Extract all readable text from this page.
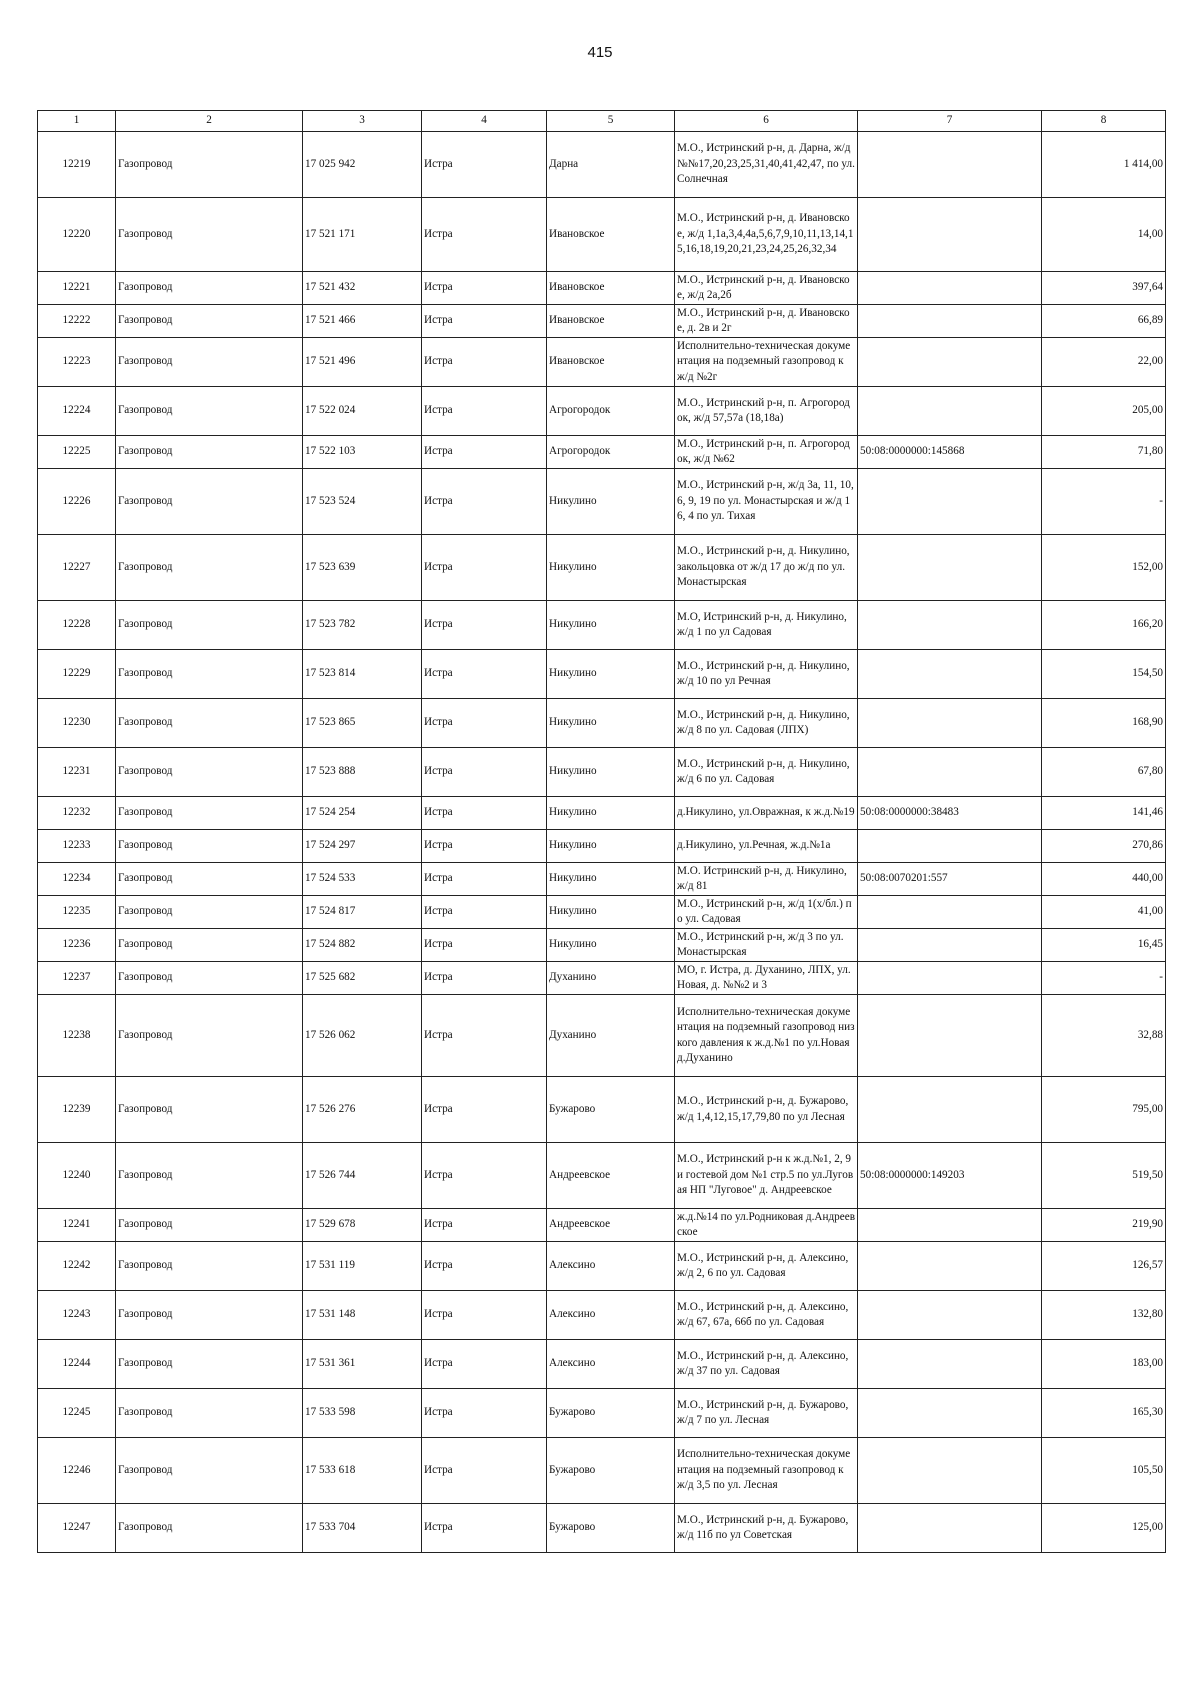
415
1	2	3	4	5	6	7	8
12219	Газопровод	17 025 942	Истра	Дарна	М.О., Истринский р-н, д. Дарна, ж/д №№17,20,23,25,31,40,41,42,47, по ул. Солнечная		1 414,00
12220	Газопровод	17 521 171	Истра	Ивановское	М.О., Истринский р-н, д. Ивановское, ж/д 1,1а,3,4,4а,5,6,7,9,10,11,13,14,15,16,18,19,20,21,23,24,25,26,32,34		14,00
12221	Газопровод	17 521 432	Истра	Ивановское	М.О., Истринский р-н, д. Ивановское, ж/д 2а,2б		397,64
12222	Газопровод	17 521 466	Истра	Ивановское	М.О., Истринский р-н, д. Ивановское, д. 2в и 2г		66,89
12223	Газопровод	17 521 496	Истра	Ивановское	Исполнительно-техническая документация на подземный газопровод к ж/д №2г		22,00
12224	Газопровод	17 522 024	Истра	Агрогородок	М.О., Истринский р-н, п. Агрогородок, ж/д 57,57а (18,18а)		205,00
12225	Газопровод	17 522 103	Истра	Агрогородок	М.О., Истринский р-н, п. Агрогородок, ж/д №62	50:08:0000000:145868	71,80
12226	Газопровод	17 523 524	Истра	Никулино	М.О., Истринский р-н, ж/д 3а, 11, 10, 6, 9, 19 по ул. Монастырская и ж/д 16, 4 по ул. Тихая		-
12227	Газопровод	17 523 639	Истра	Никулино	М.О., Истринский р-н, д. Никулино, закольцовка от ж/д 17 до ж/д по ул. Монастырская		152,00
12228	Газопровод	17 523 782	Истра	Никулино	М.О, Истринский р-н, д. Никулино, ж/д 1 по ул Садовая		166,20
12229	Газопровод	17 523 814	Истра	Никулино	М.О., Истринский р-н, д. Никулино, ж/д 10 по ул Речная		154,50
12230	Газопровод	17 523 865	Истра	Никулино	М.О., Истринский р-н, д. Никулино, ж/д 8 по ул. Садовая (ЛПХ)		168,90
12231	Газопровод	17 523 888	Истра	Никулино	М.О., Истринский р-н, д. Никулино, ж/д 6 по ул. Садовая		67,80
12232	Газопровод	17 524 254	Истра	Никулино	д.Никулино, ул.Овражная, к ж.д.№19	50:08:0000000:38483	141,46
12233	Газопровод	17 524 297	Истра	Никулино	д.Никулино, ул.Речная, ж.д.№1а		270,86
12234	Газопровод	17 524 533	Истра	Никулино	М.О. Истринский р-н, д. Никулино, ж/д 81	50:08:0070201:557	440,00
12235	Газопровод	17 524 817	Истра	Никулино	М.О., Истринский р-н, ж/д 1(х/бл.) по ул. Садовая		41,00
12236	Газопровод	17 524 882	Истра	Никулино	М.О., Истринский р-н, ж/д 3 по ул. Монастырская		16,45
12237	Газопровод	17 525 682	Истра	Духанино	МО, г. Истра, д. Духанино, ЛПХ, ул.Новая, д. №№2 и 3		-
12238	Газопровод	17 526 062	Истра	Духанино	Исполнительно-техническая документация на подземный газопровод низкого давления к ж.д.№1 по ул.Новая д.Духанино		32,88
12239	Газопровод	17 526 276	Истра	Бужарово	М.О., Истринский р-н, д. Бужарово, ж/д 1,4,12,15,17,79,80 по ул Лесная		795,00
12240	Газопровод	17 526 744	Истра	Андреевское	М.О., Истринский р-н к ж.д.№1, 2, 9 и гостевой дом №1 стр.5 по ул.Луговая НП "Луговое" д. Андреевское	50:08:0000000:149203	519,50
12241	Газопровод	17 529 678	Истра	Андреевское	ж.д.№14 по ул.Родниковая д.Андреевское		219,90
12242	Газопровод	17 531 119	Истра	Алексино	М.О., Истринский р-н, д. Алексино, ж/д 2, 6 по ул. Садовая		126,57
12243	Газопровод	17 531 148	Истра	Алексино	М.О., Истринский р-н, д. Алексино, ж/д 67, 67а, 66б по ул. Садовая		132,80
12244	Газопровод	17 531 361	Истра	Алексино	М.О., Истринский р-н, д. Алексино, ж/д 37 по ул. Садовая		183,00
12245	Газопровод	17 533 598	Истра	Бужарово	М.О., Истринский р-н, д. Бужарово, ж/д 7 по ул. Лесная		165,30
12246	Газопровод	17 533 618	Истра	Бужарово	Исполнительно-техническая документация на подземный газопровод к ж/д 3,5 по ул. Лесная		105,50
12247	Газопровод	17 533 704	Истра	Бужарово	М.О., Истринский р-н, д. Бужарово, ж/д 11б по ул Советская		125,00
